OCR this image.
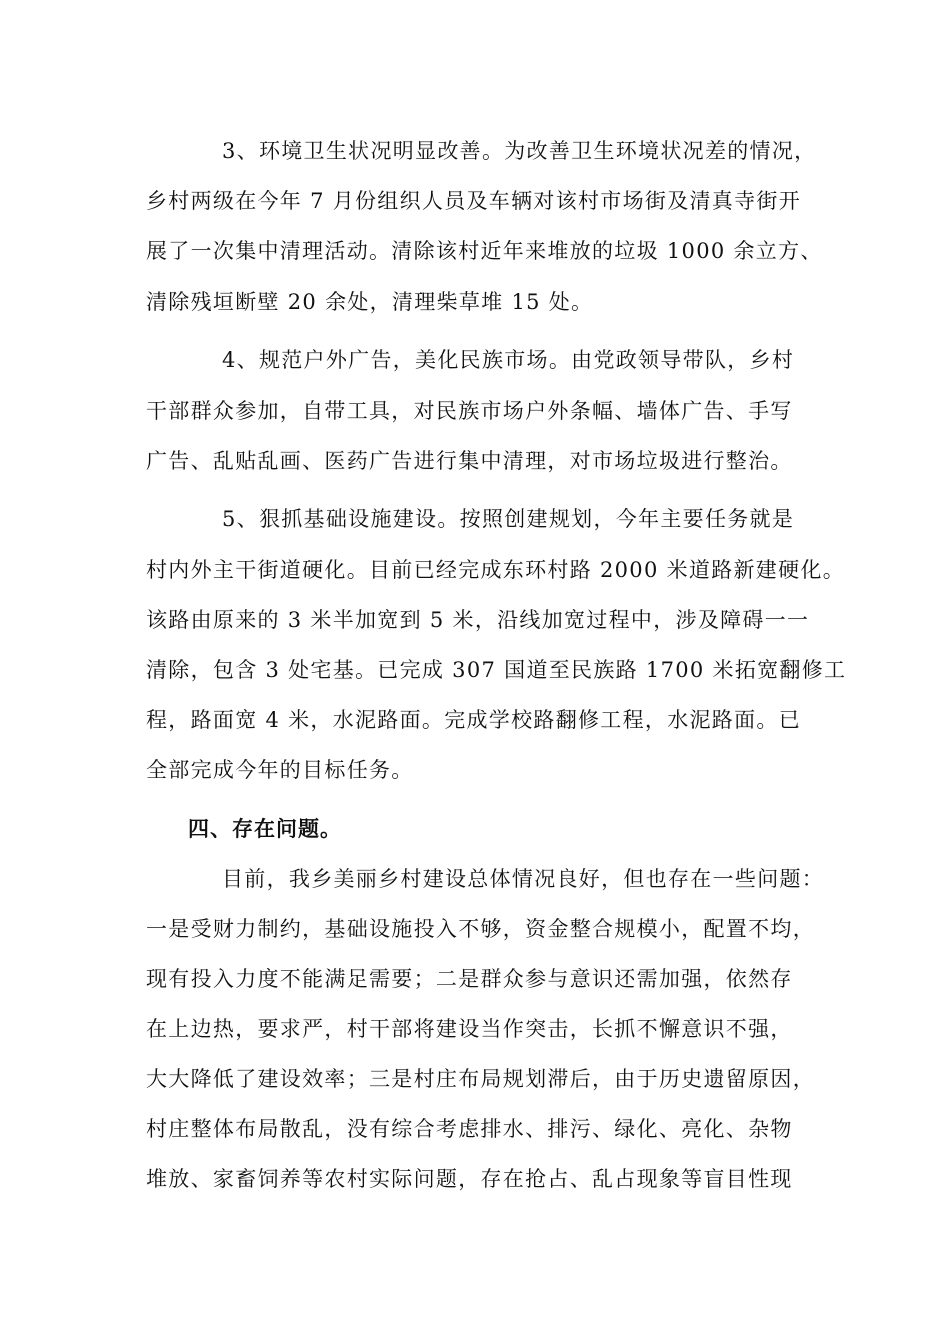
3、环境卫生状况明显改善。为改善卫生环境状况差的情况，

乡村两级在今年 7 月份组织人员及车辆对该村市场街及清真寺街开

展了一次集中清理活动。清除该村近年来堆放的垃圾 1000 余立方、

清除残垣断壁 20 余处，清理柴草堆 15 处。

4、规范户外广告，美化民族市场。由党政领导带队，乡村

干部群众参加，自带工具，对民族市场户外条幅、墙体广告、手写

广告、乱贴乱画、医药广告进行集中清理，对市场垃圾进行整治。

5、狠抓基础设施建设。按照创建规划，今年主要任务就是

村内外主干街道硬化。目前已经完成东环村路 2000 米道路新建硬化。

该路由原来的 3 米半加宽到 5 米，沿线加宽过程中，涉及障碍一一

清除，包含 3 处宅基。已完成 307 国道至民族路 1700 米拓宽翻修工

程，路面宽 4 米，水泥路面。完成学校路翻修工程，水泥路面。已

全部完成今年的目标任务。

四、存在问题。

目前，我乡美丽乡村建设总体情况良好，但也存在一些问题：

一是受财力制约，基础设施投入不够，资金整合规模小，配置不均，

现有投入力度不能满足需要；二是群众参与意识还需加强，依然存

在上边热，要求严，村干部将建设当作突击，长抓不懈意识不强，

大大降低了建设效率；三是村庄布局规划滞后，由于历史遗留原因，

村庄整体布局散乱，没有综合考虑排水、排污、绿化、亮化、杂物

堆放、家畜饲养等农村实际问题，存在抢占、乱占现象等盲目性现
